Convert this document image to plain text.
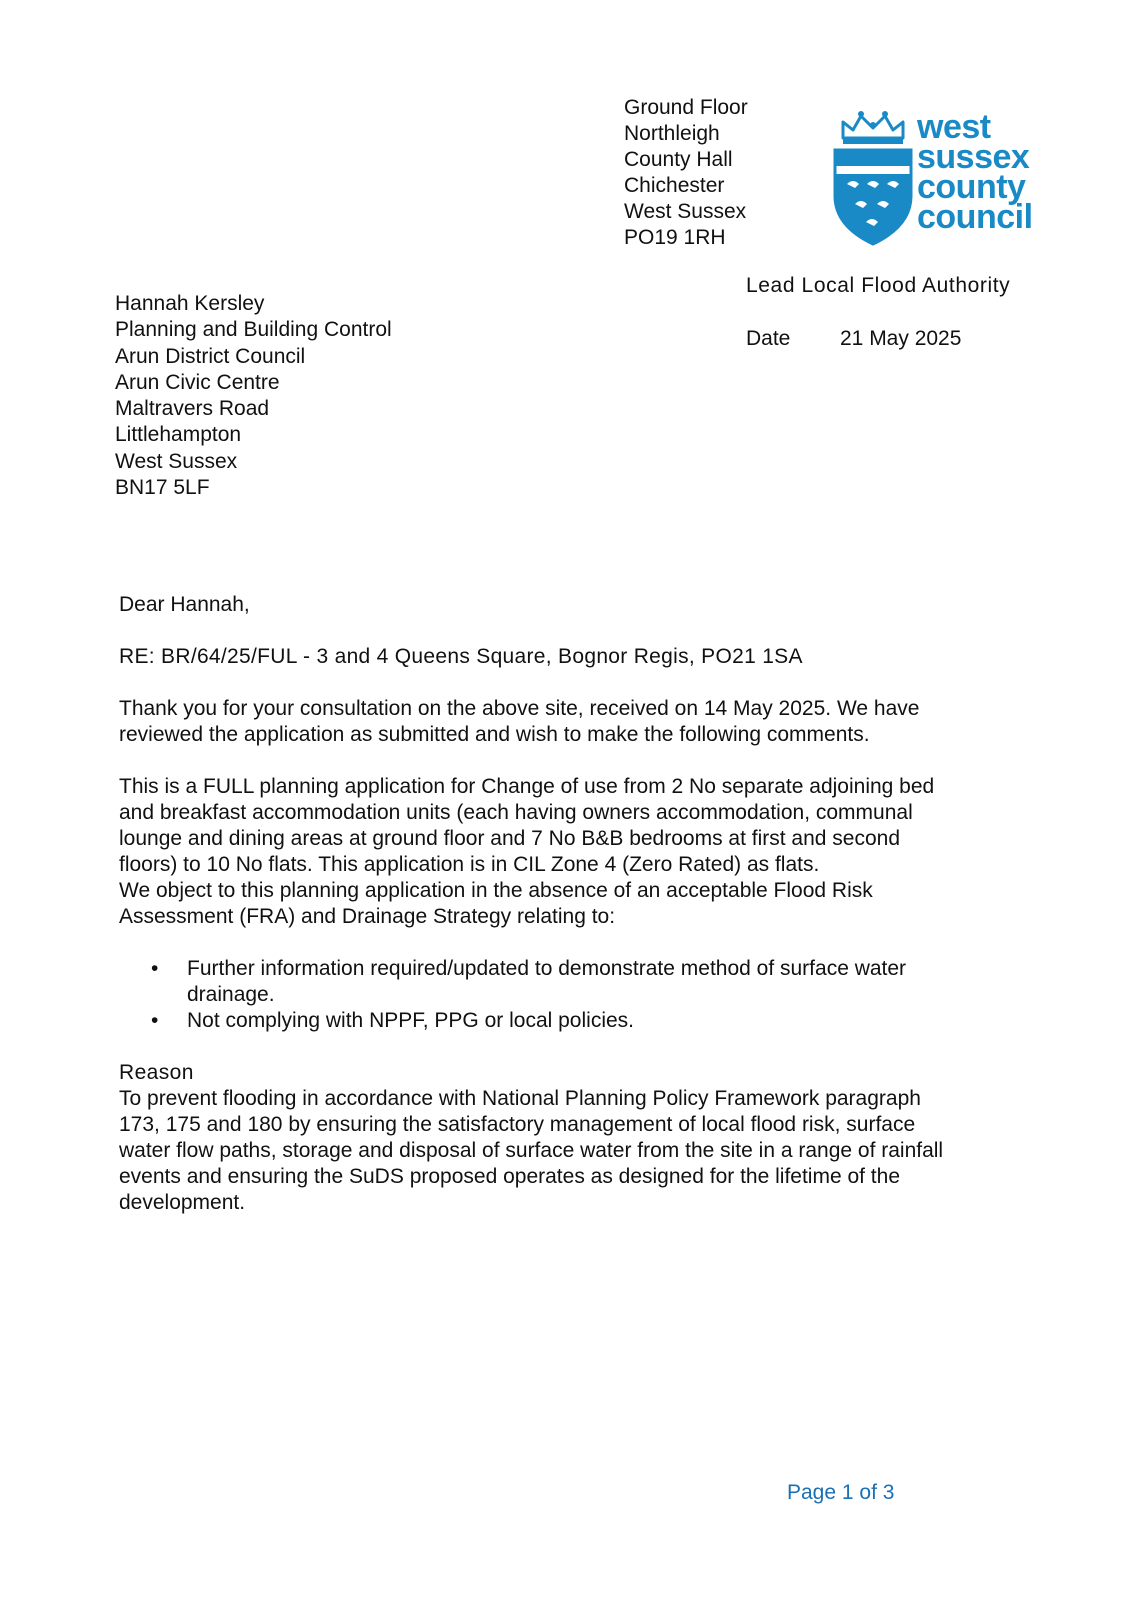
Ground Floor
Northleigh
County Hall
Chichester
West Sussex
PO19 1RH
west
sussex
county
council
Lead Local Flood Authority
Date 21 May 2025
Hannah Kersley
Planning and Building Control
Arun District Council
Arun Civic Centre
Maltravers Road
Littlehampton
West Sussex
BN17 5LF

Dear Hannah,

RE: BR/64/25/FUL - 3 and 4 Queens Square, Bognor Regis, PO21 1SA

Thank you for your consultation on the above site, received on 14 May 2025. We have
reviewed the application as submitted and wish to make the following comments.

This is a FULL planning application for Change of use from 2 No separate adjoining bed
and breakfast accommodation units (each having owners accommodation, communal
lounge and dining areas at ground floor and 7 No B&B bedrooms at first and second
floors) to 10 No flats. This application is in CIL Zone 4 (Zero Rated) as flats.
We object to this planning application in the absence of an acceptable Flood Risk
Assessment (FRA) and Drainage Strategy relating to:

• Further information required/updated to demonstrate method of surface water
drainage.
• Not complying with NPPF, PPG or local policies.

Reason

To prevent flooding in accordance with National Planning Policy Framework paragraph
173, 175 and 180 by ensuring the satisfactory management of local flood risk, surface
water flow paths, storage and disposal of surface water from the site in a range of rainfall
events and ensuring the SuDS proposed operates as designed for the lifetime of the
development.

Page 1 of 3
